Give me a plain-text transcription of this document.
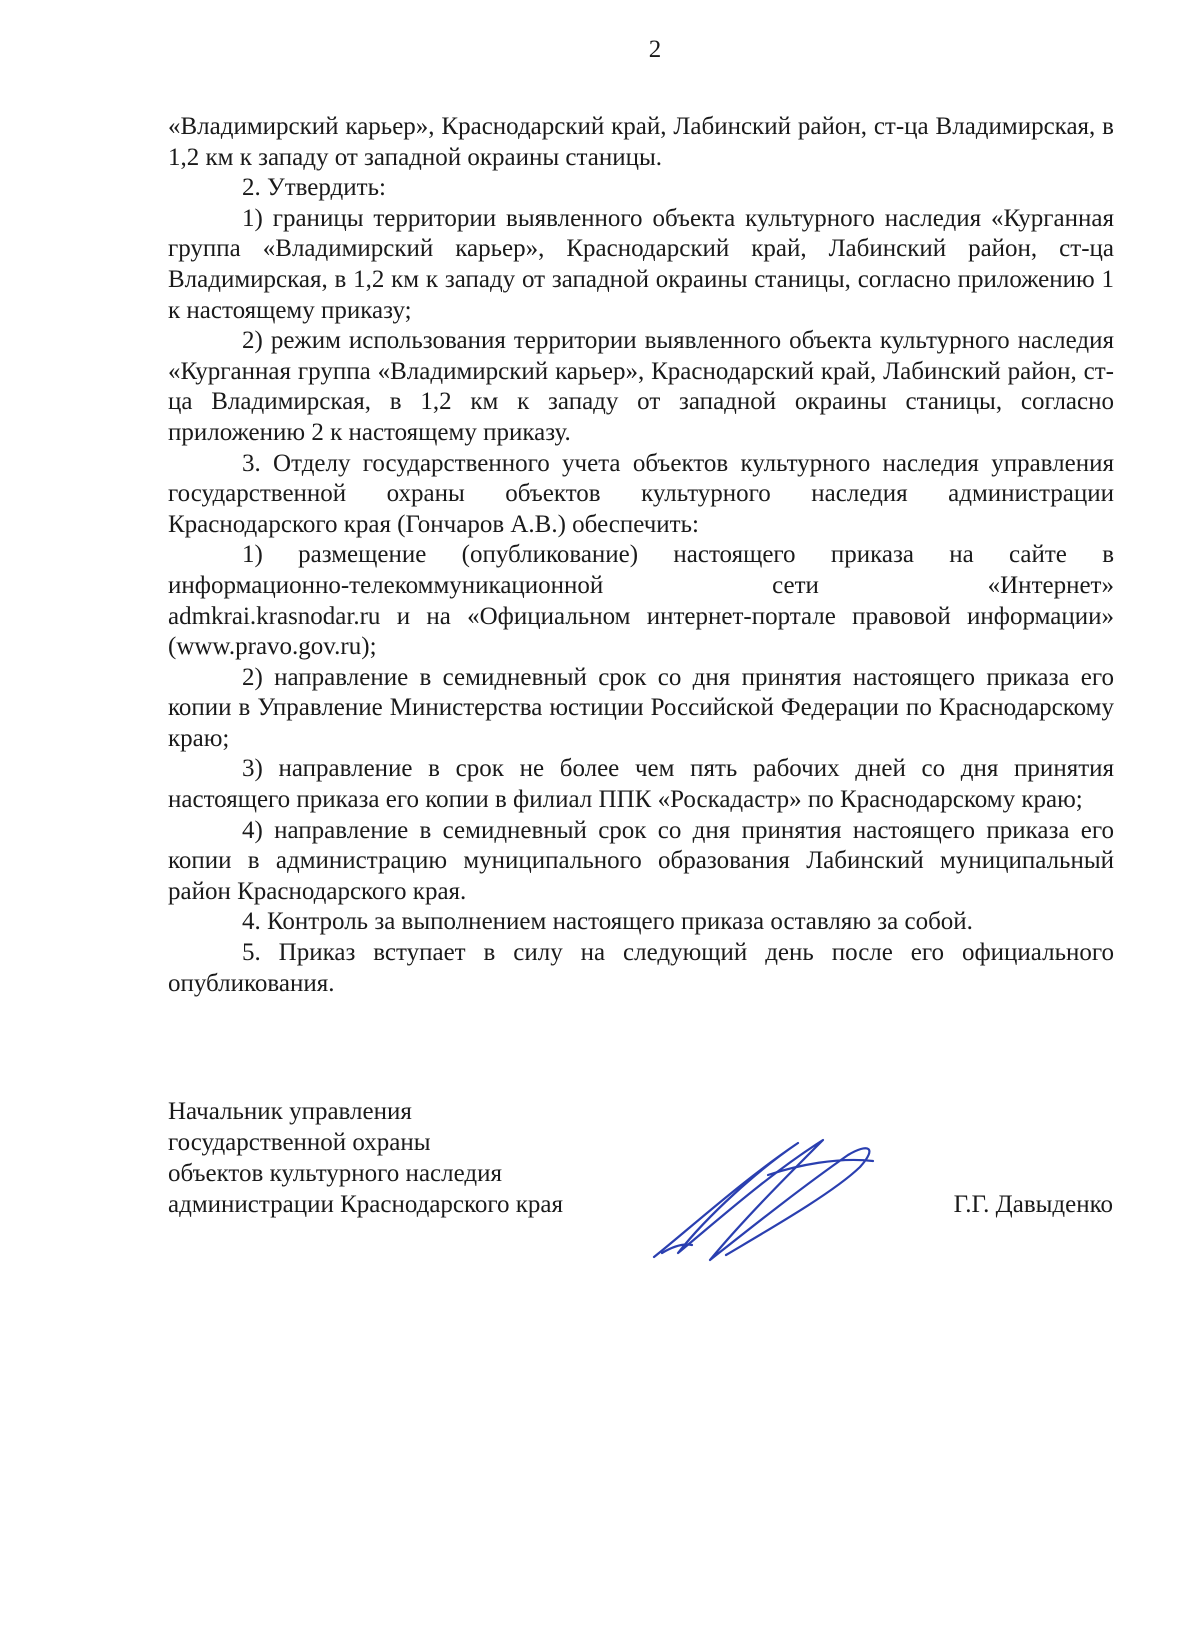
2

«Владимирский карьер», Краснодарский край, Лабинский район, ст-ца Владимирская, в 1,2 км к западу от западной окраины станицы.

2. Утвердить:

1) границы территории выявленного объекта культурного наследия «Курганная группа «Владимирский карьер», Краснодарский край, Лабинский район, ст-ца Владимирская, в 1,2 км к западу от западной окраины станицы, согласно приложению 1 к настоящему приказу;

2) режим использования территории выявленного объекта культурного наследия «Курганная группа «Владимирский карьер», Краснодарский край, Лабинский район, ст-ца Владимирская, в 1,2 км к западу от западной окраины станицы, согласно приложению 2 к настоящему приказу.

3. Отделу государственного учета объектов культурного наследия управления государственной охраны объектов культурного наследия администрации Краснодарского края (Гончаров А.В.) обеспечить:

1) размещение (опубликование) настоящего приказа на сайте в

информационно-телекоммуникационной сети «Интернет»

admkrai.krasnodar.ru и на «Официальном интернет-портале правовой информации» (www.pravo.gov.ru);

2) направление в семидневный срок со дня принятия настоящего приказа его копии в Управление Министерства юстиции Российской Федерации по Краснодарскому краю;

3) направление в срок не более чем пять рабочих дней со дня принятия настоящего приказа его копии в филиал ППК «Роскадастр» по Краснодарскому краю;

4) направление в семидневный срок со дня принятия настоящего приказа его копии в администрацию муниципального образования Лабинский муниципальный район Краснодарского края.

4. Контроль за выполнением настоящего приказа оставляю за собой.

5. Приказ вступает в силу на следующий день после его официального опубликования.

Начальник управления
государственной охраны
объектов культурного наследия
администрации Краснодарского края	Г.Г. Давыденко
